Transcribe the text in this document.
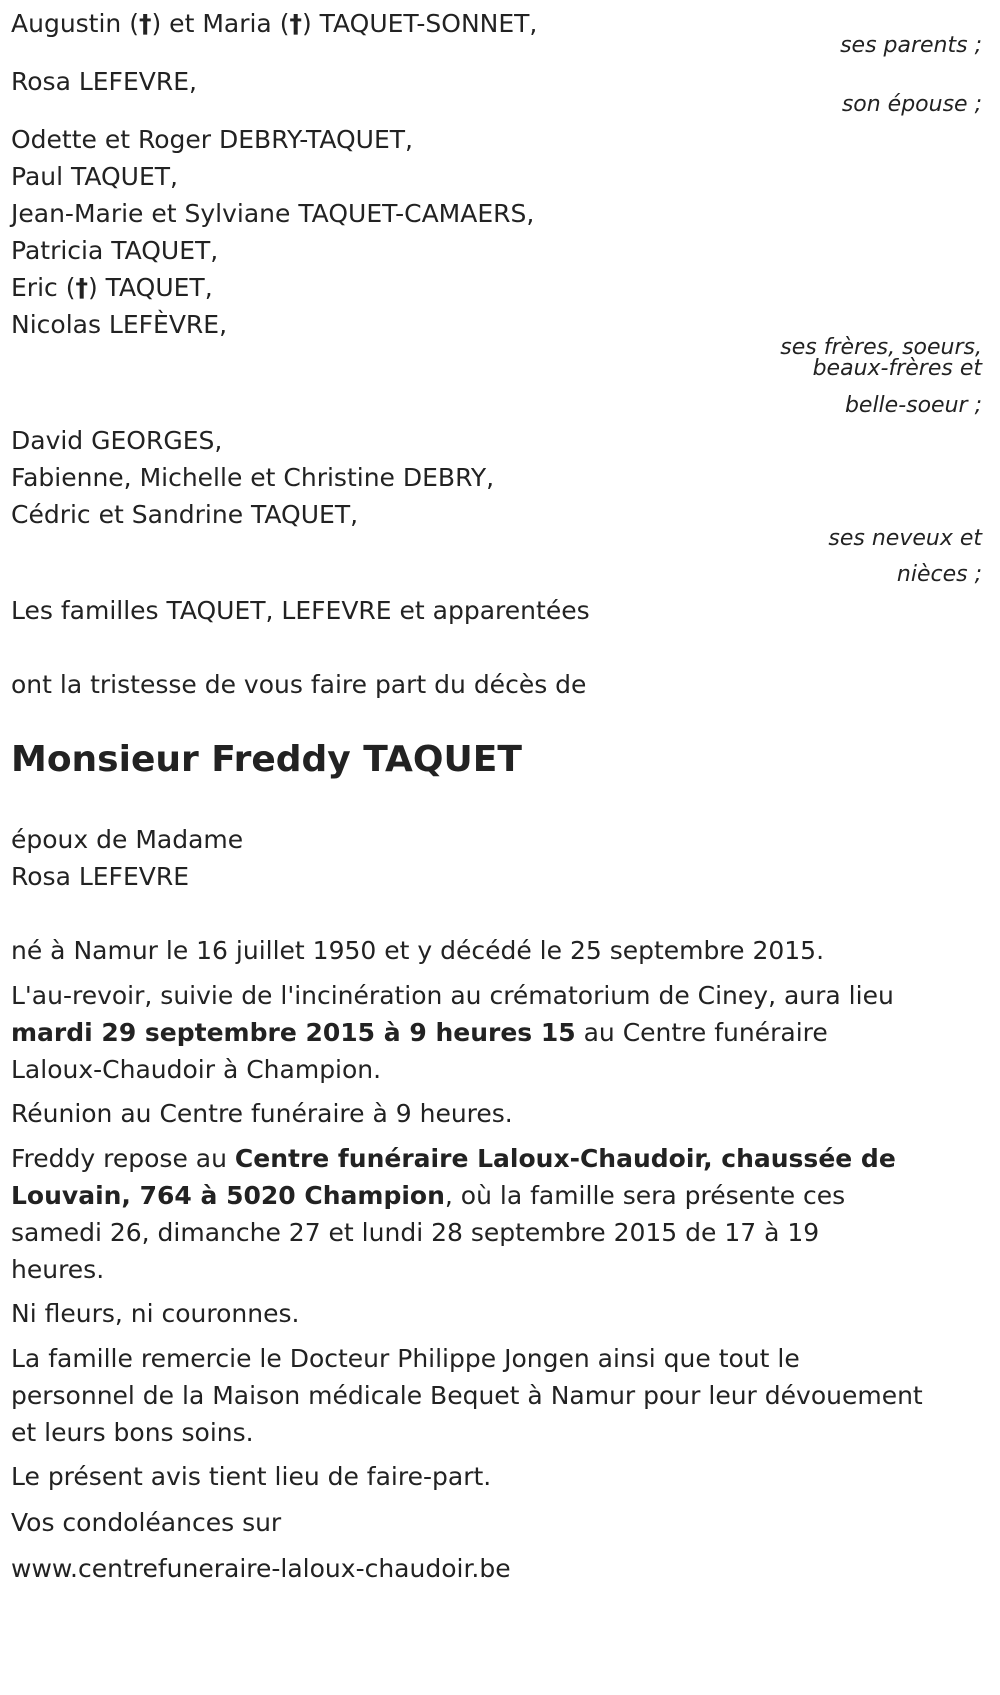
Augustin (†) et Maria (†) TAQUET-SONNET,
ses parents ;
Rosa LEFEVRE,
son épouse ;
Odette et Roger DEBRY-TAQUET,
Paul TAQUET,
Jean-Marie et Sylviane TAQUET-CAMAERS,
Patricia TAQUET,
Eric (†) TAQUET,
Nicolas LEFÈVRE,
ses frères, soeurs,
beaux-frères et
belle-soeur ;
David GEORGES,
Fabienne, Michelle et Christine DEBRY,
Cédric et Sandrine TAQUET,
ses neveux et
nièces ;
Les familles TAQUET, LEFEVRE et apparentées
ont la tristesse de vous faire part du décès de
Monsieur Freddy TAQUET
époux de Madame
Rosa LEFEVRE

né à Namur le 16 juillet 1950 et y décédé le 25 septembre 2015.

L'au-revoir, suivie de l'incinération au crématorium de Ciney, aura lieu mardi 29 septembre 2015 à 9 heures 15 au Centre funéraire Laloux-Chaudoir à Champion.

Réunion au Centre funéraire à 9 heures.

Freddy repose au Centre funéraire Laloux-Chaudoir, chaussée de Louvain, 764 à 5020 Champion, où la famille sera présente ces samedi 26, dimanche 27 et lundi 28 septembre 2015 de 17 à 19 heures.

Ni fleurs, ni couronnes.

La famille remercie le Docteur Philippe Jongen ainsi que tout le personnel de la Maison médicale Bequet à Namur pour leur dévouement et leurs bons soins.

Le présent avis tient lieu de faire-part.

Vos condoléances sur

www.centrefuneraire-laloux-chaudoir.be
